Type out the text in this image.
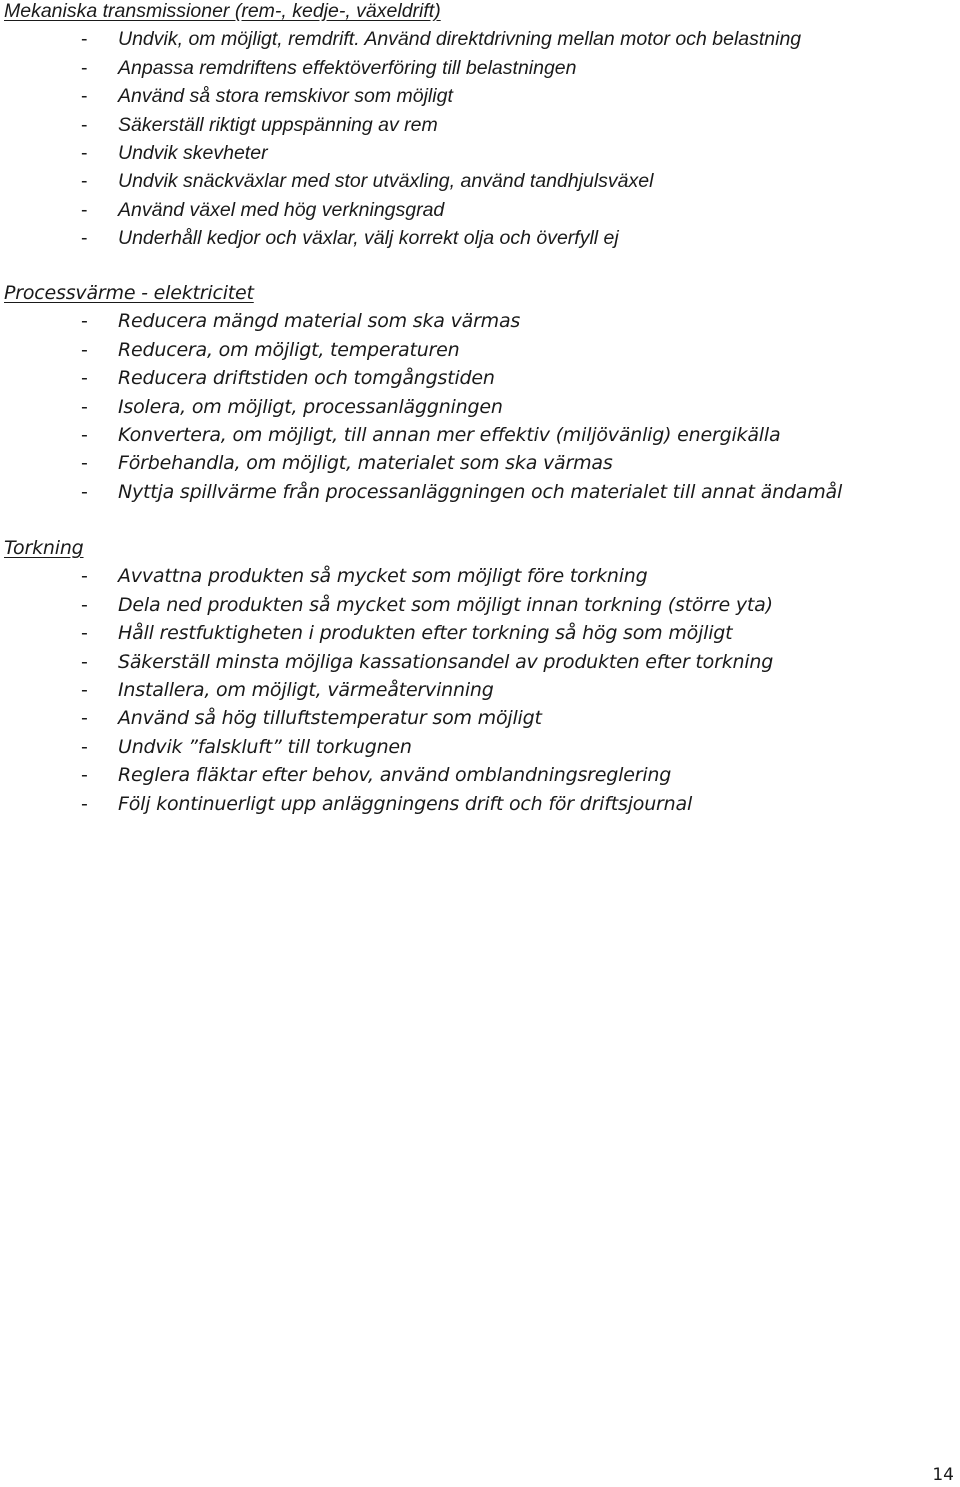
Mekaniska transmissioner (rem-, kedje-, växeldrift)
- Undvik, om möjligt, remdrift. Använd direktdrivning mellan motor och belastning
- Anpassa remdriftens effektöverföring till belastningen
- Använd så stora remskivor som möjligt
- Säkerställ riktigt uppspänning av rem
- Undvik skevheter
- Undvik snäckväxlar med stor utväxling, använd tandhjulsväxel
- Använd växel med hög verkningsgrad
- Underhåll kedjor och växlar, välj korrekt olja och överfyll ej
Processvärme - elektricitet
- Reducera mängd material som ska värmas
- Reducera, om möjligt, temperaturen
- Reducera driftstiden och tomgångstiden
- Isolera, om möjligt, processanläggningen
- Konvertera, om möjligt, till annan mer effektiv (miljövänlig) energikälla
- Förbehandla, om möjligt, materialet som ska värmas
- Nyttja spillvärme från processanläggningen och materialet till annat ändamål
Torkning
- Avvattna produkten så mycket som möjligt före torkning
- Dela ned produkten så mycket som möjligt innan torkning (större yta)
- Håll restfuktigheten i produkten efter torkning så hög som möjligt
- Säkerställ minsta möjliga kassationsandel av produkten efter torkning
- Installera, om möjligt, värmeåtervinning
- Använd så hög tilluftstemperatur som möjligt
- Undvik ”falskluft” till torkugnen
- Reglera fläktar efter behov, använd omblandningsreglering
- Följ kontinuerligt upp anläggningens drift och för driftsjournal
14
